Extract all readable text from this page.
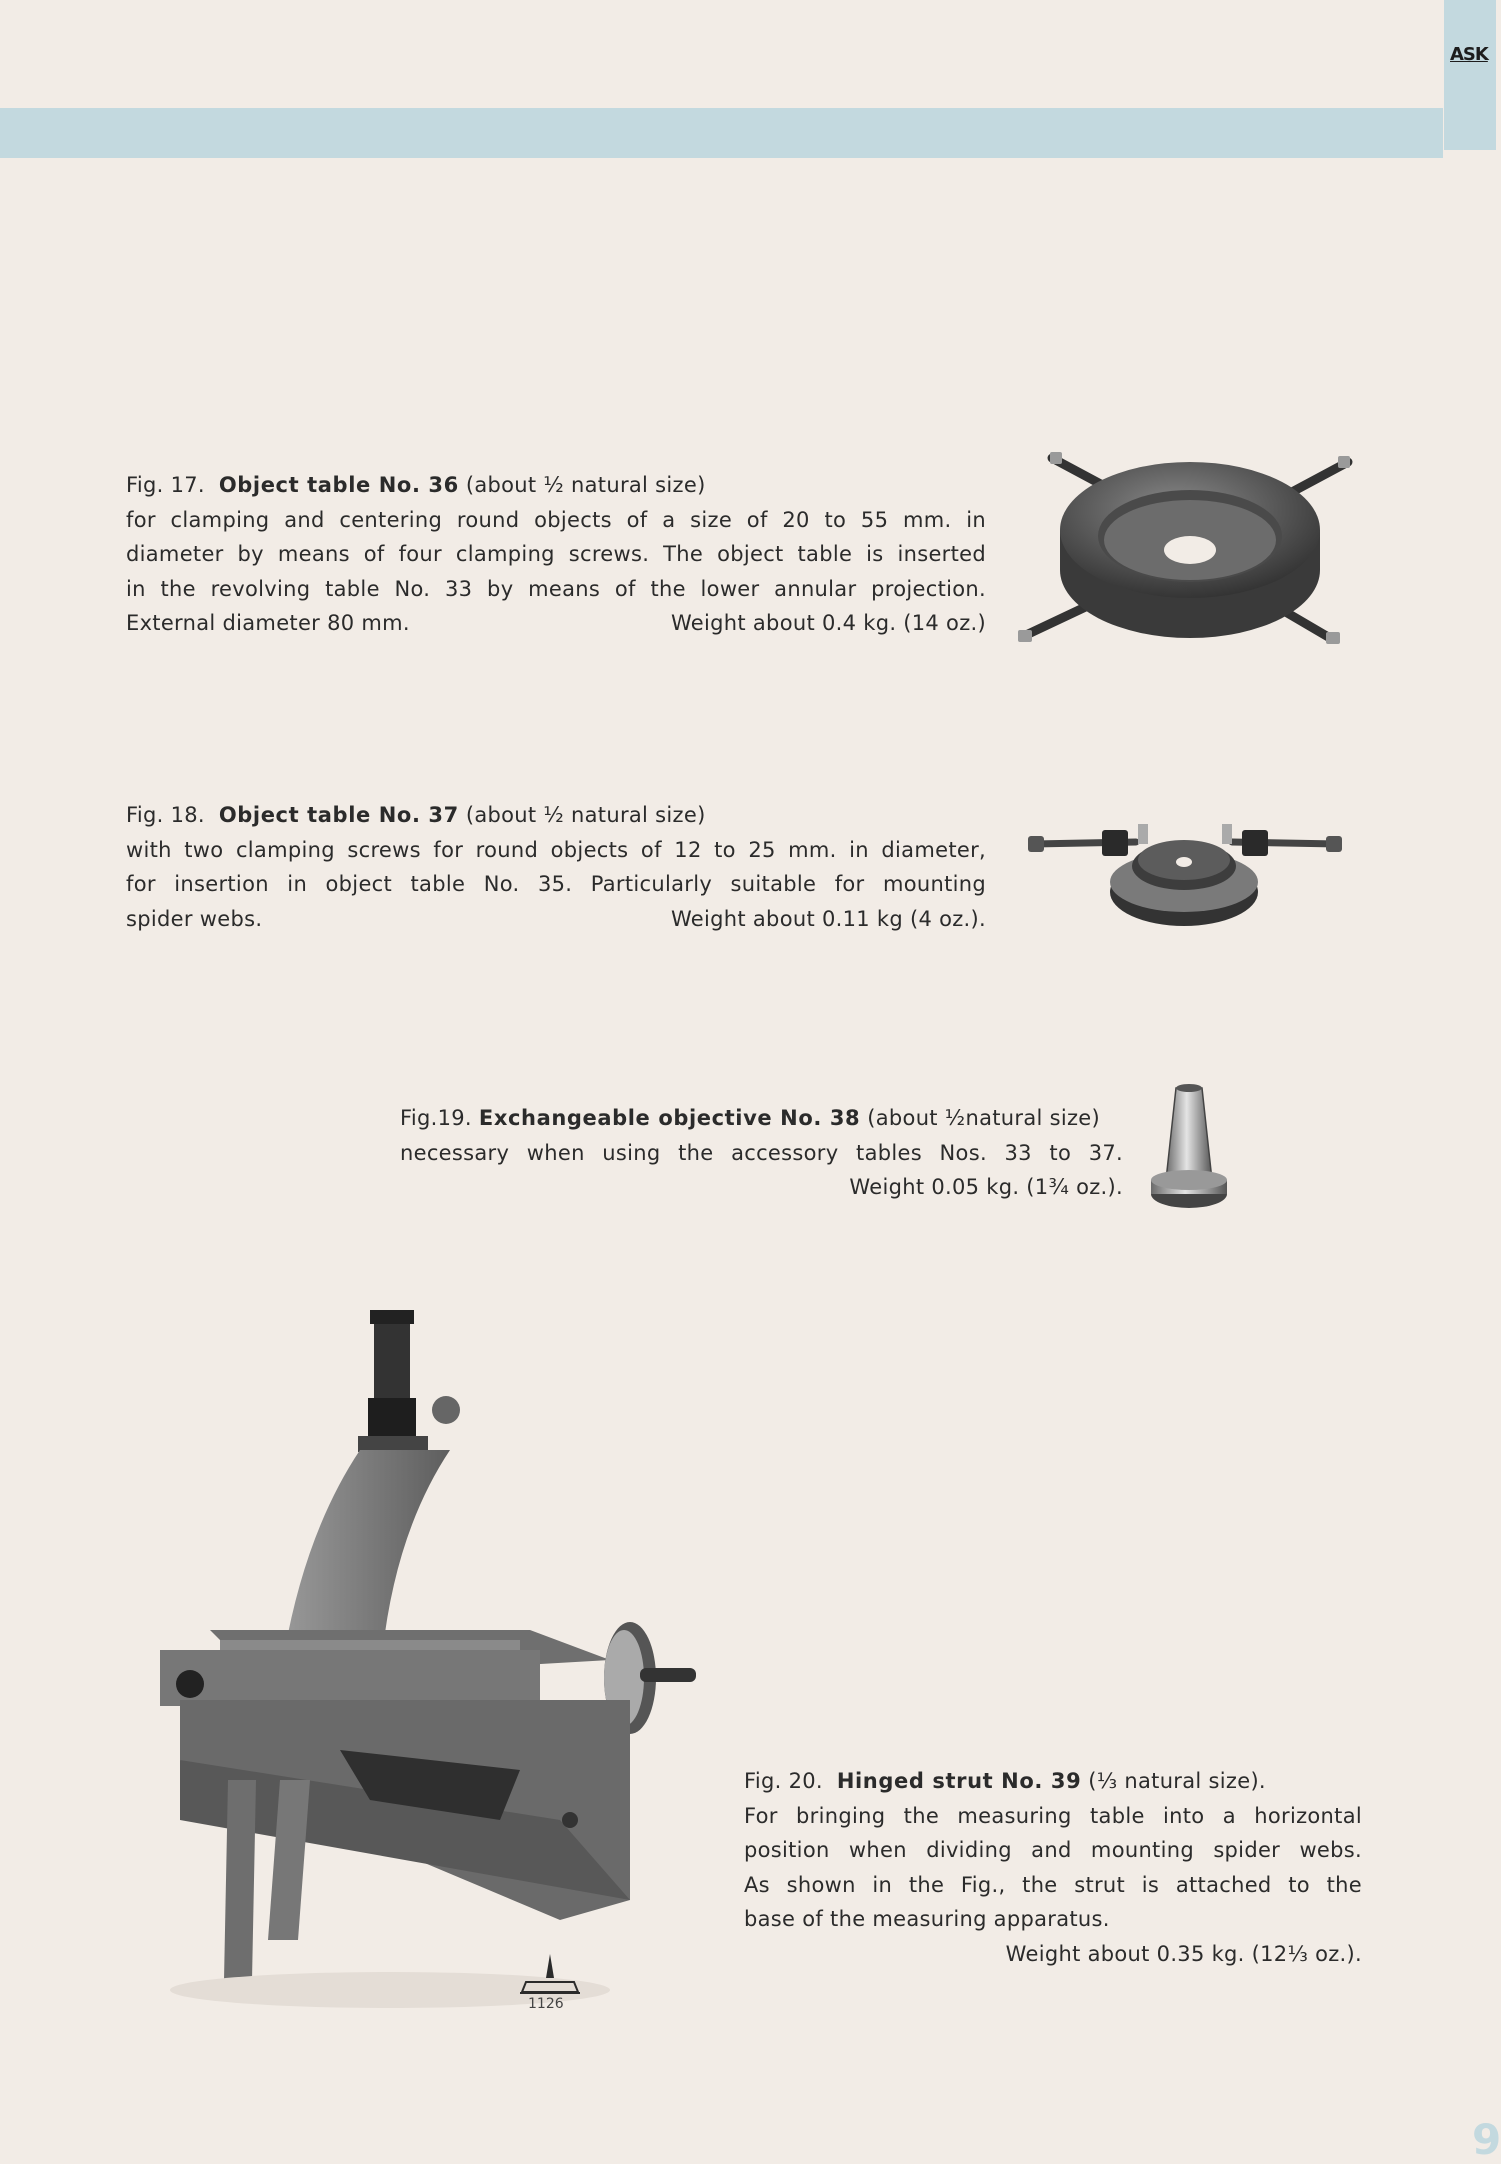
ASK
Fig. 17. Object table No. 36 (about ½ natural size)
for clamping and centering round objects of a size of 20 to 55 mm. in
diameter by means of four clamping screws. The object table is inserted
in the revolving table No. 33 by means of the lower annular projection.
External diameter 80 mm.	Weight about 0.4 kg. (14 oz.)
Fig. 18. Object table No. 37 (about ½ natural size)
with two clamping screws for round objects of 12 to 25 mm. in diameter,
for insertion in object table No. 35. Particularly suitable for mounting
spider webs.	Weight about 0.11 kg (4 oz.).
Fig.19. Exchangeable objective No. 38 (about ½natural size)
necessary when using the accessory tables Nos. 33 to 37.
Weight 0.05 kg. (1¾ oz.).
1126
Fig. 20. Hinged strut No. 39 (⅓ natural size).
For bringing the measuring table into a horizontal
position when dividing and mounting spider webs.
As shown in the Fig., the strut is attached to the
base of the measuring apparatus.
Weight about 0.35 kg. (12⅓ oz.).
9
